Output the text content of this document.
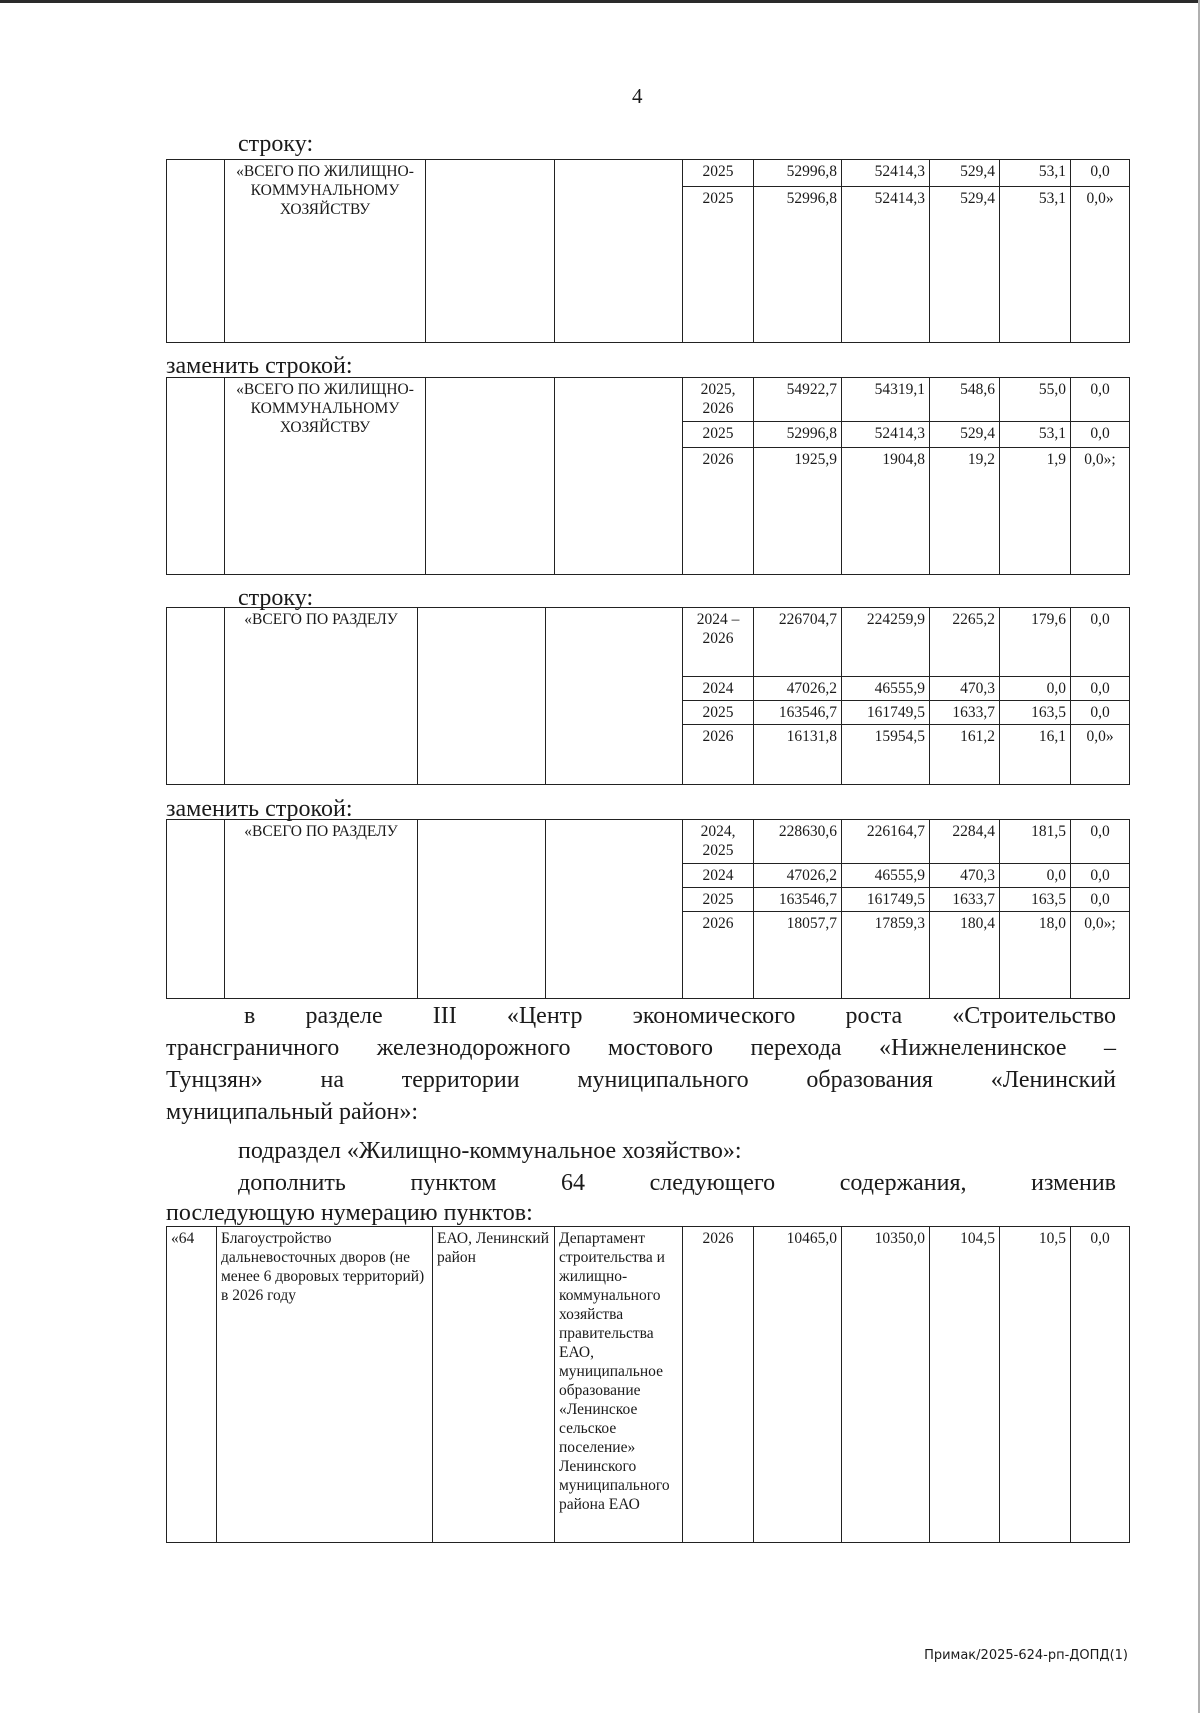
4
строку:
	«ВСЕГО ПО ЖИЛИЩНО-КОММУНАЛЬНОМУ ХОЗЯЙСТВУ			2025	52996,8	52414,3	529,4	53,1	0,0
				2025	52996,8	52414,3	529,4	53,1	0,0»
заменить строкой:
	«ВСЕГО ПО ЖИЛИЩНО-КОММУНАЛЬНОМУ ХОЗЯЙСТВУ			2025, 2026	54922,7	54319,1	548,6	55,0	0,0
				2025	52996,8	52414,3	529,4	53,1	0,0
				2026	1925,9	1904,8	19,2	1,9	0,0»;
строку:
	«ВСЕГО ПО РАЗДЕЛУ			2024 – 2026	226704,7	224259,9	2265,2	179,6	0,0
				2024	47026,2	46555,9	470,3	0,0	0,0
				2025	163546,7	161749,5	1633,7	163,5	0,0
				2026	16131,8	15954,5	161,2	16,1	0,0»
заменить строкой:
	«ВСЕГО ПО РАЗДЕЛУ			2024, 2025	228630,6	226164,7	2284,4	181,5	0,0
				2024	47026,2	46555,9	470,3	0,0	0,0
				2025	163546,7	161749,5	1633,7	163,5	0,0
				2026	18057,7	17859,3	180,4	18,0	0,0»;
в разделе III «Центр экономического роста «Строительство
трансграничного железнодорожного мостового перехода «Нижнеленинское –
Тунцзян» на территории муниципального образования «Ленинский
муниципальный район»:
подраздел «Жилищно-коммунальное хозяйство»:
дополнить пунктом 64 следующего содержания, изменив
последующую нумерацию пунктов:
«64	Благоустройство дальневосточных дворов (не менее 6 дворовых территорий) в 2026 году	ЕАО, Ленинский район	Департамент строительства и жилищно-коммунального хозяйства правительства ЕАО, муниципальное образование «Ленинское сельское поселение» Ленинского муниципального района ЕАО	2026	10465,0	10350,0	104,5	10,5	0,0
Примак/2025-624-рп-ДОПД(1)
